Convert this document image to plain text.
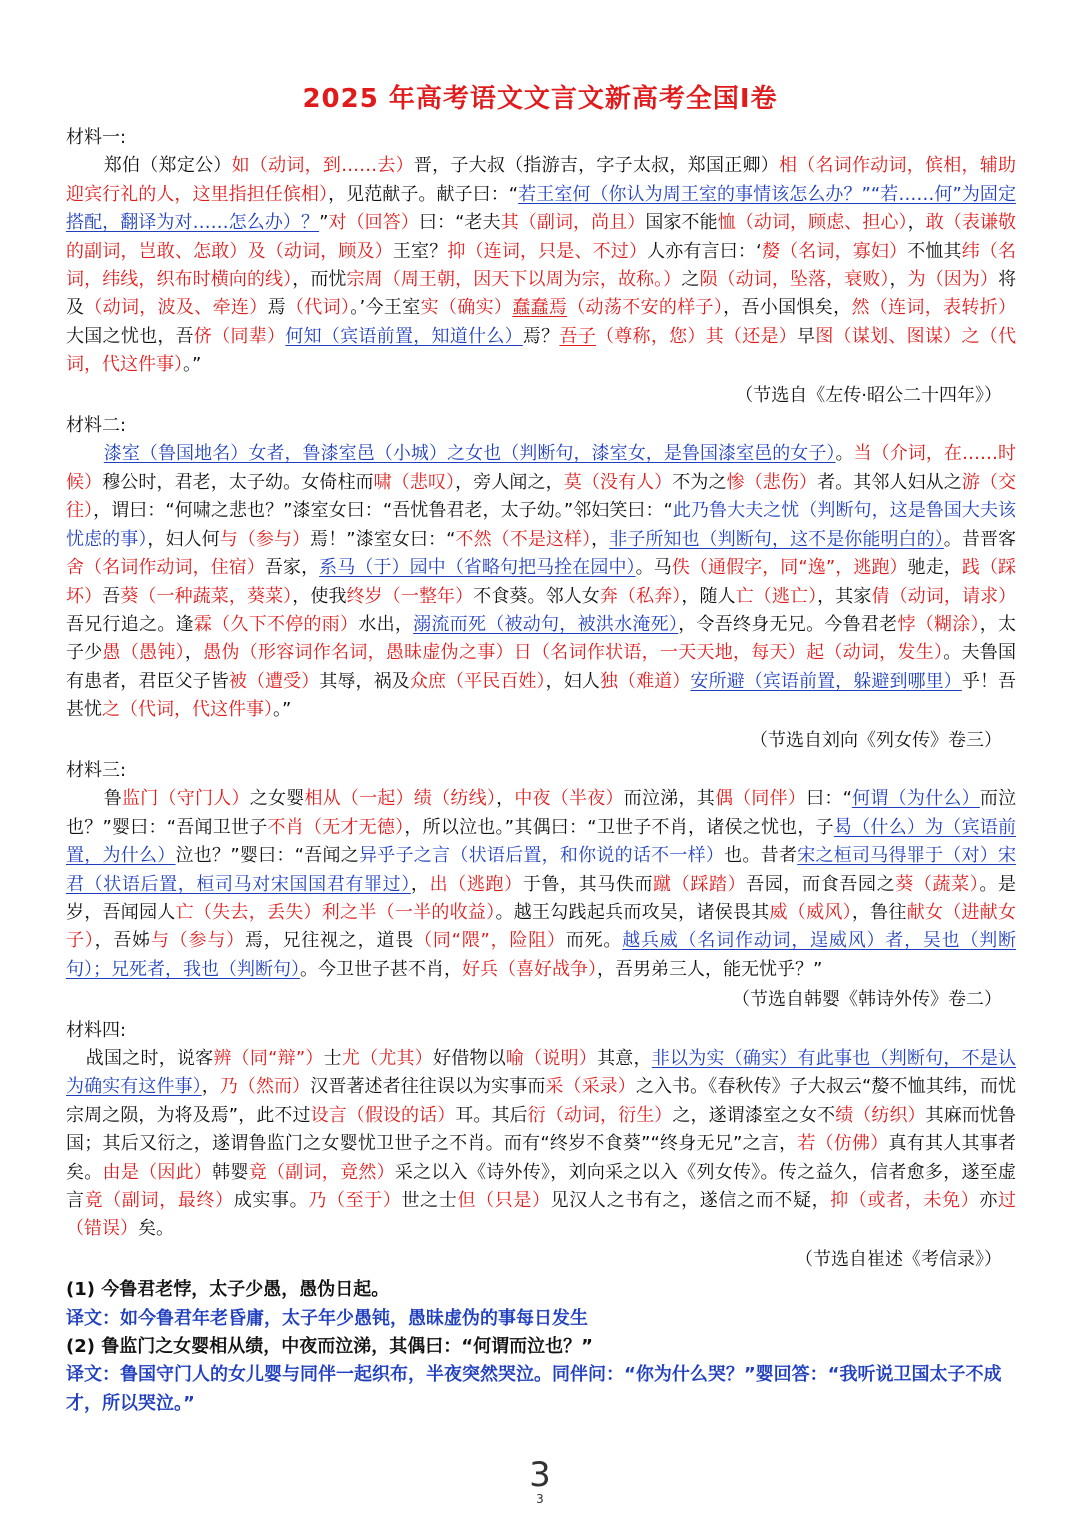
2025 年高考语文文言文新高考全国I卷

材料一:

郑伯（郑定公）如（动词，到……去）晋，子大叔（指游吉，字子太叔，郑国正卿）相（名词作动词，傧相，辅助迎宾行礼的人，这里指担任傧相），见范献子。献子曰：“若王室何（你认为周王室的事情该怎么办？”“若……何”为固定搭配，翻译为对……怎么办）？”对（回答）曰：“老夫其（副词，尚且）国家不能恤（动词，顾虑、担心），敢（表谦敬的副词，岂敢、怎敢）及（动词，顾及）王室？抑（连词，只是、不过）人亦有言曰：‘嫠（名词，寡妇）不恤其纬（名词，纬线，织布时横向的线），而忧宗周（周王朝，因天下以周为宗，故称。）之陨（动词，坠落，衰败），为（因为）将及（动词，波及、牵连）焉（代词）。’今王室实（确实）蠢蠢焉（动荡不安的样子），吾小国惧矣，然（连词，表转折）大国之忧也，吾侪（同辈）何知（宾语前置，知道什么）焉？吾子（尊称，您）其（还是）早图（谋划、图谋）之（代词，代这件事）。”

（节选自《左传·昭公二十四年》）

材料二:

漆室（鲁国地名）女者，鲁漆室邑（小城）之女也（判断句，漆室女，是鲁国漆室邑的女子）。当（介词，在……时候）穆公时，君老，太子幼。女倚柱而啸（悲叹），旁人闻之，莫（没有人）不为之惨（悲伤）者。其邻人妇从之游（交往），谓曰：“何啸之悲也？”漆室女曰：“吾忧鲁君老，太子幼。”邻妇笑曰：“此乃鲁大夫之忧（判断句，这是鲁国大夫该忧虑的事），妇人何与（参与）焉！”漆室女曰：“不然（不是这样），非子所知也（判断句，这不是你能明白的）。昔晋客舍（名词作动词，住宿）吾家，系马（于）园中（省略句把马拴在园中）。马佚（通假字，同“逸”，逃跑）驰走，践（踩坏）吾葵（一种蔬菜，葵菜），使我终岁（一整年）不食葵。邻人女奔（私奔），随人亡（逃亡），其家倩（动词，请求）吾兄行追之。逢霖（久下不停的雨）水出，溺流而死（被动句，被洪水淹死），令吾终身无兄。今鲁君老悖（糊涂），太子少愚（愚钝），愚伪（形容词作名词，愚昧虚伪之事）日（名词作状语，一天天地，每天）起（动词，发生）。夫鲁国有患者，君臣父子皆被（遭受）其辱，祸及众庶（平民百姓），妇人独（难道）安所避（宾语前置，躲避到哪里）乎！吾甚忧之（代词，代这件事）。”

（节选自刘向《列女传》卷三）

材料三:

鲁监门（守门人）之女婴相从（一起）绩（纺线），中夜（半夜）而泣涕，其偶（同伴）曰：“何谓（为什么）而泣也？”婴曰：“吾闻卫世子不肖（无才无德），所以泣也。”其偶曰：“卫世子不肖，诸侯之忧也，子曷（什么）为（宾语前置，为什么）泣也？”婴曰：“吾闻之异乎子之言（状语后置，和你说的话不一样）也。昔者宋之桓司马得罪于（对）宋君（状语后置，桓司马对宋国国君有罪过），出（逃跑）于鲁，其马佚而蹴（踩踏）吾园，而食吾园之葵（蔬菜）。是岁，吾闻园人亡（失去，丢失）利之半（一半的收益）。越王勾践起兵而攻吴，诸侯畏其威（威风），鲁往献女（进献女子），吾姊与（参与）焉，兄往视之，道畏（同“隈”，险阻）而死。越兵威（名词作动词，逞威风）者，吴也（判断句）；兄死者，我也（判断句）。今卫世子甚不肖，好兵（喜好战争），吾男弟三人，能无忧乎？”

（节选自韩婴《韩诗外传》卷二）

材料四:

战国之时，说客辨（同“辩”）士尤（尤其）好借物以喻（说明）其意，非以为实（确实）有此事也（判断句，不是认为确实有这件事），乃（然而）汉晋著述者往往误以为实事而采（采录）之入书。《春秋传》子大叔云“嫠不恤其纬，而忧宗周之陨，为将及焉”，此不过设言（假设的话）耳。其后衍（动词，衍生）之，遂谓漆室之女不绩（纺织）其麻而忧鲁国；其后又衍之，遂谓鲁监门之女婴忧卫世子之不肖。而有“终岁不食葵”“终身无兄”之言，若（仿佛）真有其人其事者矣。由是（因此）韩婴竟（副词，竟然）采之以入《诗外传》，刘向采之以入《列女传》。传之益久，信者愈多，遂至虚言竟（副词，最终）成实事。乃（至于）世之士但（只是）见汉人之书有之，遂信之而不疑，抑（或者，未免）亦过（错误）矣。

（节选自崔述《考信录》）

(1) 今鲁君老悖，太子少愚，愚伪日起。

译文：如今鲁君年老昏庸，太子年少愚钝，愚昧虚伪的事每日发生

(2) 鲁监门之女婴相从绩，中夜而泣涕，其偶曰：“何谓而泣也？”

译文：鲁国守门人的女儿婴与同伴一起织布，半夜突然哭泣。同伴问：“你为什么哭？”婴回答：“我听说卫国太子不成才，所以哭泣。”

3
3
